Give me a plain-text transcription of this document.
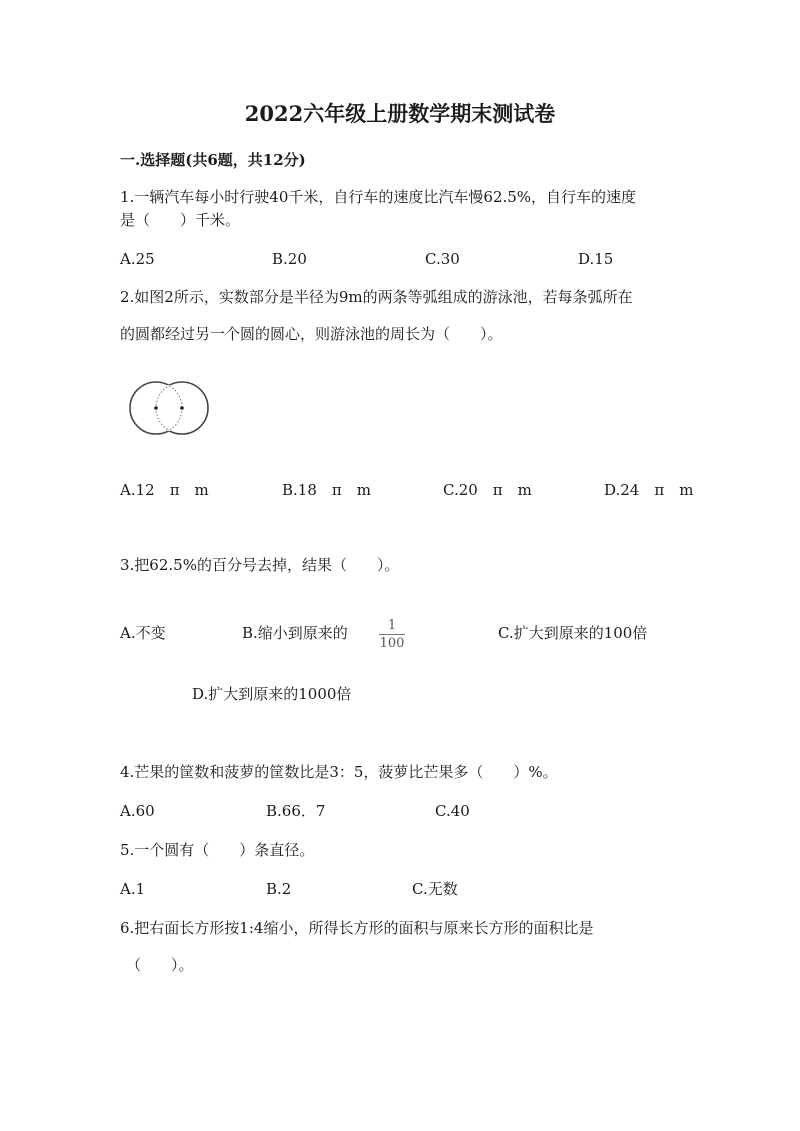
2022六年级上册数学期末测试卷
一.选择题(共6题，共12分)
1.一辆汽车每小时行驶40千米，自行车的速度比汽车慢62.5%，自行车的速度
是（　　）千米。
A.25	B.20	C.30	D.15
2.如图2所示，实数部分是半径为9m的两条等弧组成的游泳池，若每条弧所在
的圆都经过另一个圆的圆心，则游泳池的周长为（　　）。
A.12　π　m	B.18　π　m	C.20　π　m	D.24　π　m
3.把62.5%的百分号去掉，结果（　　）。
A.不变	B.缩小到原来的	1
100
C.扩大到原来的100倍
D.扩大到原来的1000倍
4.芒果的筐数和菠萝的筐数比是3：5，菠萝比芒果多（　　）%。
A.60	B.66．7	C.40
5.一个圆有（　　）条直径。
A.1	B.2	C.无数
6.把右面长方形按1:4缩小，所得长方形的面积与原来长方形的面积比是
（　　）。
